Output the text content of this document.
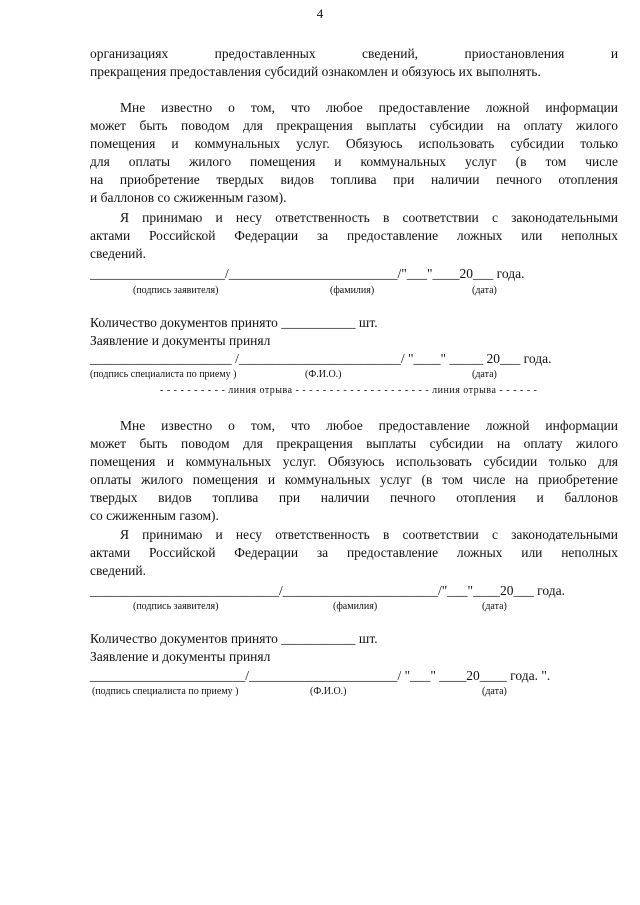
4
организациях	предоставленных сведений,	приостановления	и
прекращения предоставления субсидий ознакомлен и обязуюсь их выполнять.
Мне известно о том, что любое предоставление ложной информации
может быть поводом для прекращения выплаты субсидии на оплату жилого
помещения и коммунальных услуг. Обязуюсь использовать субсидии только
для оплаты жилого помещения и коммунальных услуг (в том числе
на приобретение твердых видов топлива при наличии печного отопления
и баллонов со сжиженным газом).
Я принимаю и несу ответственность в соответствии с законодательными
актами Российской Федерации за предоставление ложных или неполных
сведений.
____________________/_________________________/"___"____20___ года.
(подпись заявителя)	(фамилия)	(дата)
Количество документов принято ___________ шт.
Заявление и документы принял
_____________________ /________________________/ "____" _____ 20___ года.
(подпись специалиста по приему )	(Ф.И.О.)	(дата)
- - - - - - - - - - линия отрыва - - - - - - - - - - - - - - - - - - - - линия отрыва - - - - - -
Мне известно о том, что любое предоставление ложной информации
может быть поводом для прекращения выплаты субсидии на оплату жилого
помещения и коммунальных услуг. Обязуюсь использовать субсидии только для
оплаты жилого помещения и коммунальных услуг (в том числе на приобретение
твердых видов топлива при наличии печного отопления и баллонов
со сжиженным газом).
Я принимаю и несу ответственность в соответствии с законодательными
актами Российской Федерации за предоставление ложных или неполных
сведений.
____________________________/_______________________/"___"____20___ года.
(подпись заявителя)	(фамилия)	(дата)
Количество документов принято ___________ шт.
Заявление и документы принял
_______________________/______________________/ "___" ____20____ года. ".
(подпись специалиста по приему )	(Ф.И.О.)	(дата)
